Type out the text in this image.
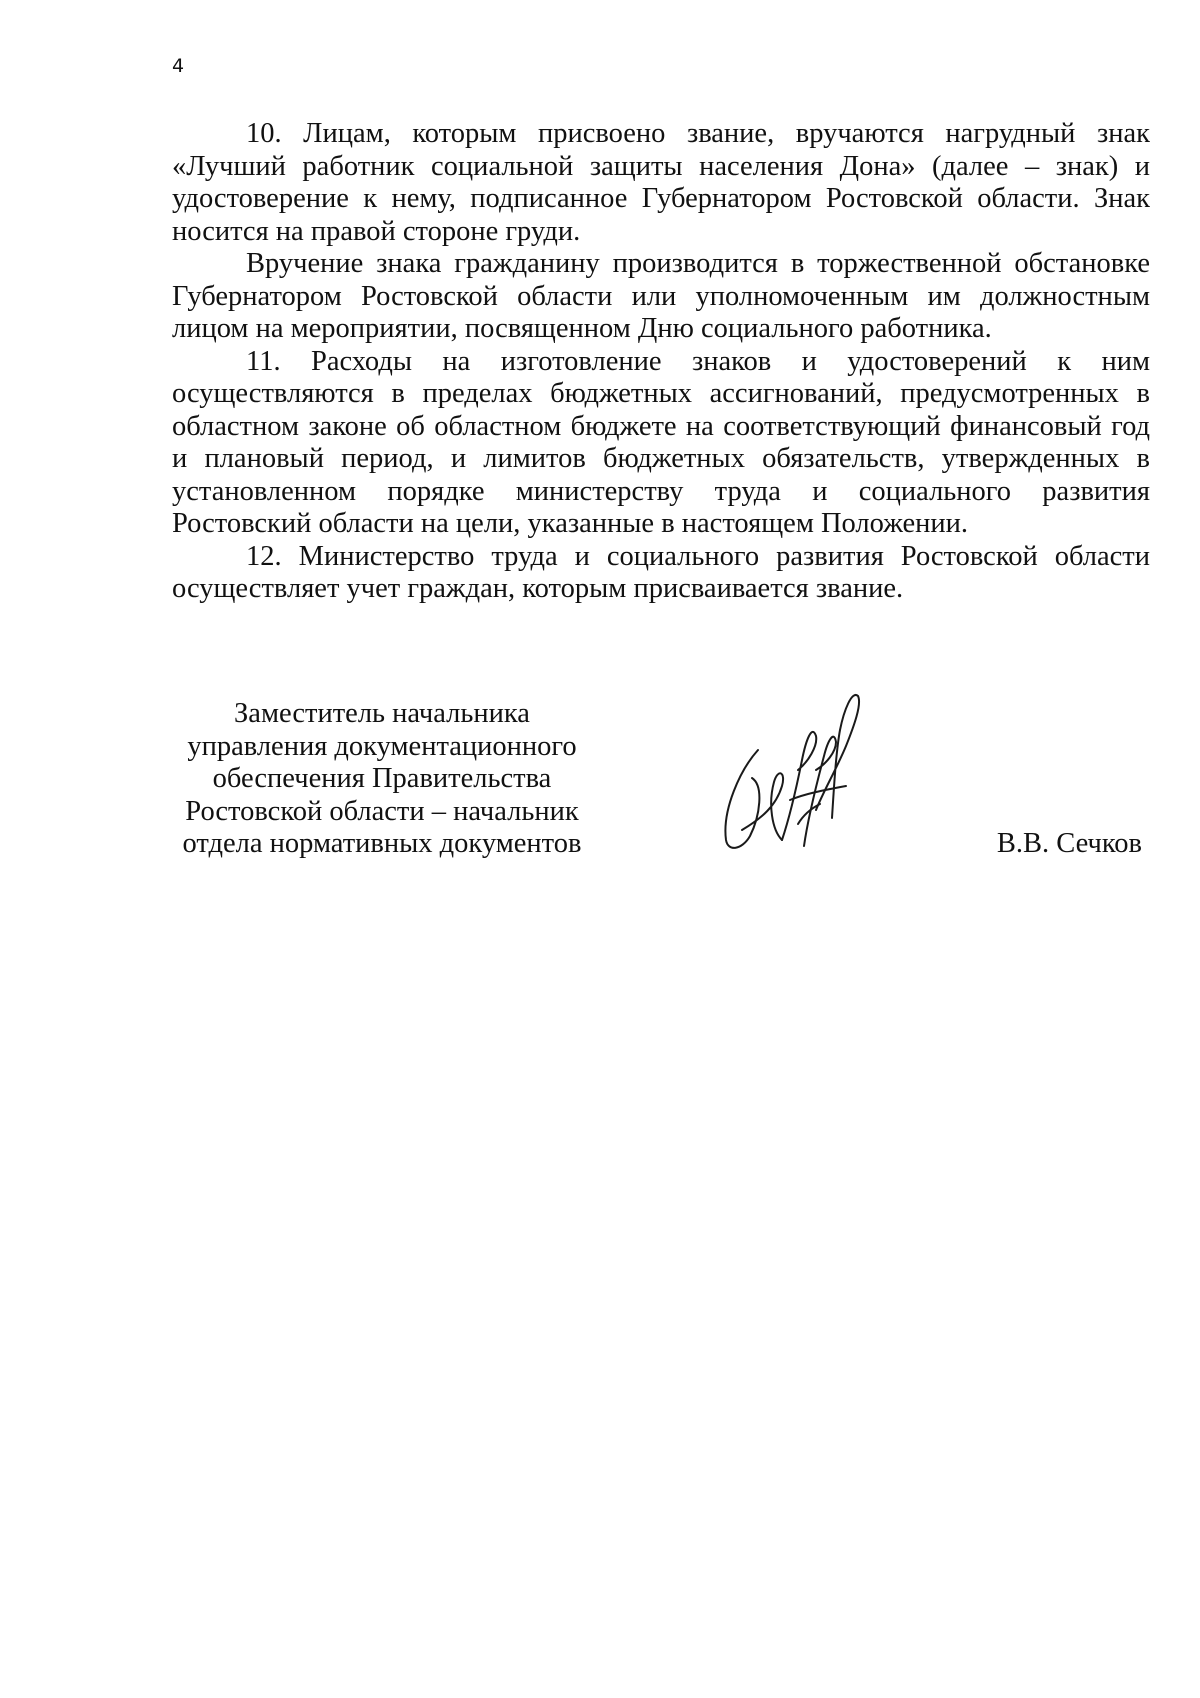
4

10. Лицам, которым присвоено звание, вручаются нагрудный знак «Лучший работник социальной защиты населения Дона» (далее – знак) и удостоверение к нему, подписанное Губернатором Ростовской области. Знак носится на правой стороне груди.

Вручение знака гражданину производится в торжественной обстановке Губернатором Ростовской области или уполномоченным им должностным лицом на мероприятии, посвященном Дню социального работника.

11. Расходы на изготовление знаков и удостоверений к ним осуществляются в пределах бюджетных ассигнований, предусмотренных в областном законе об областном бюджете на соответствующий финансовый год и плановый период, и лимитов бюджетных обязательств, утвержденных в установленном порядке министерству труда и социального развития Ростовский области на цели, указанные в настоящем Положении.

12. Министерство труда и социального развития Ростовской области осуществляет учет граждан, которым присваивается звание.

Заместитель начальника
управления документационного
обеспечения Правительства
Ростовской области – начальник
отдела нормативных документов	В.В. Сечков
